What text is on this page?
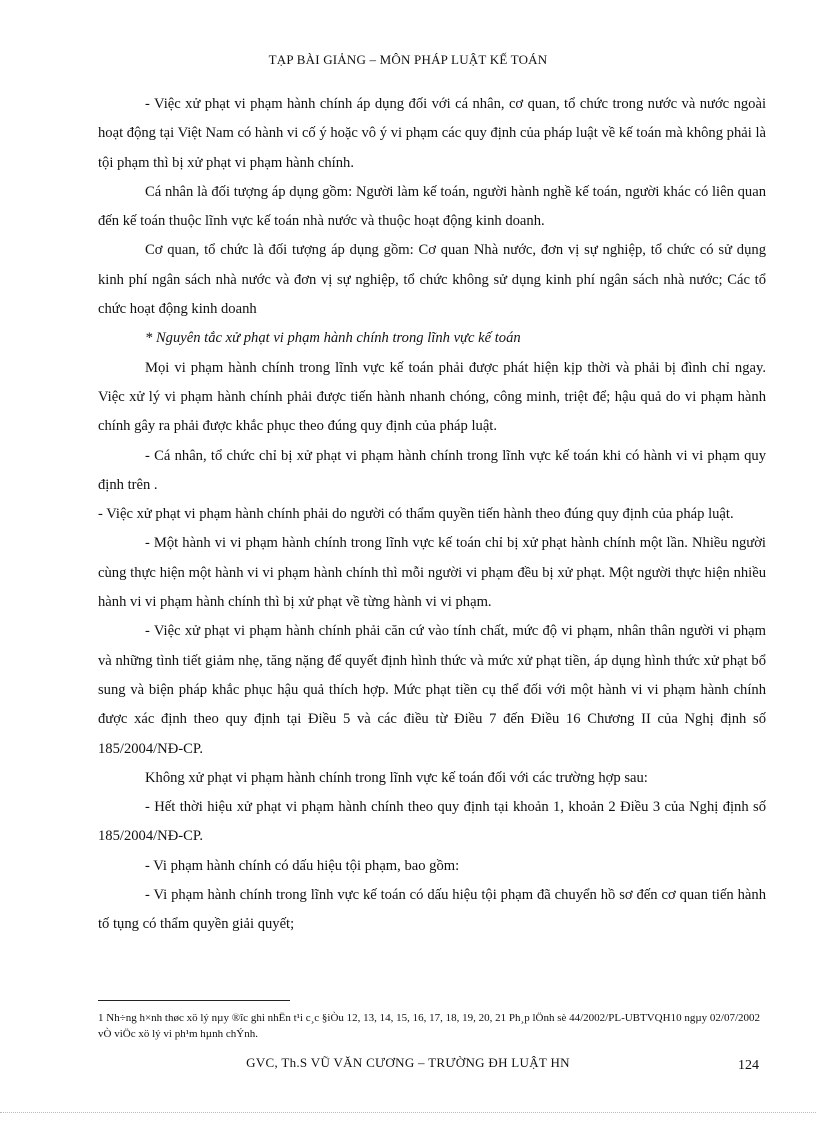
TẠP BÀI GIẢNG – MÔN PHÁP LUẬT KẾ TOÁN

- Việc xử phạt vi phạm hành chính áp dụng đối với cá nhân, cơ quan, tổ chức trong nước và nước ngoài hoạt động tại Việt Nam có hành vi cố ý hoặc vô ý vi phạm các quy định của pháp luật về kế toán mà không phải là tội phạm thì bị xử phạt vi phạm hành chính.

Cá nhân là đối tượng áp dụng gồm: Người làm kế toán, người hành nghề kế toán, người khác có liên quan đến kế toán thuộc lĩnh vực kế toán nhà nước và thuộc hoạt động kinh doanh.

Cơ quan, tổ chức là đối tượng áp dụng gồm: Cơ quan Nhà nước, đơn vị sự nghiệp, tổ chức có sử dụng kinh phí ngân sách nhà nước và đơn vị sự nghiệp, tổ chức không sử dụng kinh phí ngân sách nhà nước; Các tổ chức hoạt động kinh doanh

* Nguyên tắc xử phạt vi phạm hành chính trong lĩnh vực kế toán

Mọi vi phạm hành chính trong lĩnh vực kế toán phải được phát hiện kịp thời và phải bị đình chỉ ngay. Việc xử lý vi phạm hành chính phải được tiến hành nhanh chóng, công minh, triệt để; hậu quả do vi phạm hành chính gây ra phải được khắc phục theo đúng quy định của pháp luật.

- Cá nhân, tổ chức chỉ bị xử phạt vi phạm hành chính trong lĩnh vực kế toán khi có hành vi vi phạm quy định trên .

- Việc xử phạt vi phạm hành chính phải do người có thẩm quyền tiến hành theo đúng quy định của pháp luật.

- Một hành vi vi phạm hành chính trong lĩnh vực kế toán chỉ bị xử phạt hành chính một lần. Nhiều người cùng thực hiện một hành vi vi phạm hành chính thì mỗi người vi phạm đều bị xử phạt. Một người thực hiện nhiều hành vi vi phạm hành chính thì bị xử phạt về từng hành vi vi phạm.

- Việc xử phạt vi phạm hành chính phải căn cứ vào tính chất, mức độ vi phạm, nhân thân người vi phạm và những tình tiết giảm nhẹ, tăng nặng để quyết định hình thức và mức xử phạt tiền, áp dụng hình thức xử phạt bổ sung và biện pháp khắc phục hậu quả thích hợp. Mức phạt tiền cụ thể đối với một hành vi vi phạm hành chính được xác định theo quy định tại Điều 5 và các điều từ Điều 7 đến Điều 16 Chương II của Nghị định số 185/2004/NĐ-CP.

Không xử phạt vi phạm hành chính trong lĩnh vực kế toán đối với các trường hợp sau:

- Hết thời hiệu xử phạt vi phạm hành chính theo quy định tại khoản 1, khoản 2 Điều 3 của Nghị định số 185/2004/NĐ-CP.

- Vi phạm hành chính có dấu hiệu tội phạm, bao gồm:

- Vi phạm hành chính trong lĩnh vực kế toán có dấu hiệu tội phạm đã chuyển hồ sơ đến cơ quan tiến hành tố tụng có thẩm quyền giải quyết;

1 Nh÷ng h×nh thøc xö lý nµy ®îc ghi nhËn t¹i c¸c §iÒu 12, 13, 14, 15, 16, 17, 18, 19, 20, 21 Ph¸p lÖnh sè 44/2002/PL-UBTVQH10 ngµy 02/07/2002 vÒ viÖc xö lý vi ph¹m hµnh chÝnh.
GVC, Th.S VŨ VĂN CƯƠNG – TRƯỜNG ĐH LUẬT HN	124
